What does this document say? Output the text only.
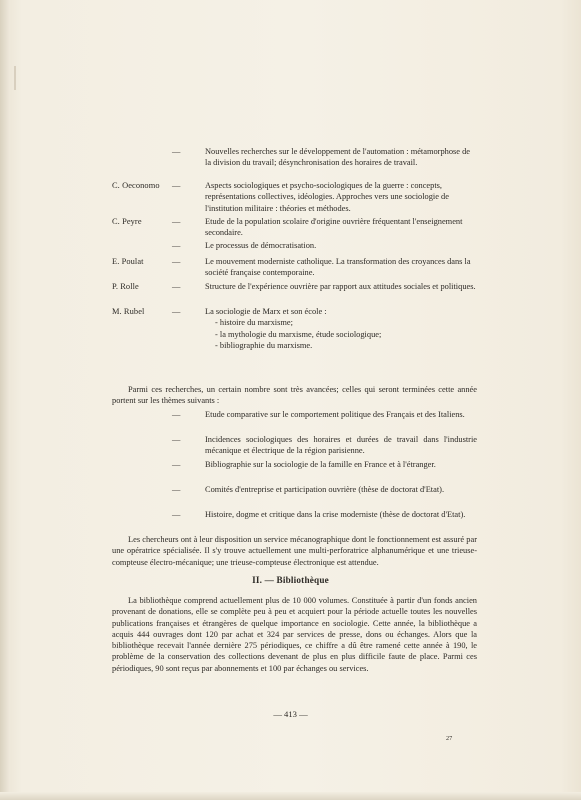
—	Nouvelles recherches sur le développement de l'automation : métamorphose de la division du travail; désynchronisation des horaires de travail.
C. Oeconomo —	Aspects sociologiques et psycho-sociologiques de la guerre : concepts, représentations collectives, idéologies. Approches vers une sociologie de l'institution militaire : théories et méthodes.
C. Peyre	—	Etude de la population scolaire d'origine ouvrière fréquentant l'enseignement secondaire.
—	Le processus de démocratisation.
E. Poulat	—	Le mouvement moderniste catholique. La transformation des croyances dans la société française contemporaine.
P. Rolle	—	Structure de l'expérience ouvrière par rapport aux attitudes sociales et politiques.
M. Rubel	—	La sociologie de Marx et son école :
- histoire du marxisme;
- la mythologie du marxisme, étude sociologique;
- bibliographie du marxisme.
Parmi ces recherches, un certain nombre sont très avancées; celles qui seront terminées cette année portent sur les thèmes suivants :
—	Etude comparative sur le comportement politique des Français et des Italiens.
—	Incidences sociologiques des horaires et durées de travail dans l'industrie mécanique et électrique de la région parisienne.
—	Bibliographie sur la sociologie de la famille en France et à l'étranger.
—	Comités d'entreprise et participation ouvrière (thèse de doctorat d'Etat).
—	Histoire, dogme et critique dans la crise moderniste (thèse de doctorat d'Etat).
Les chercheurs ont à leur disposition un service mécanographique dont le fonctionnement est assuré par une opératrice spécialisée. Il s'y trouve actuellement une multi-perforatrice alphanumérique et une trieuse-compteuse électro-mécanique; une trieuse-compteuse électronique est attendue.
II. — Bibliothèque
La bibliothèque comprend actuellement plus de 10 000 volumes. Constituée à partir d'un fonds ancien provenant de donations, elle se complète peu à peu et acquiert pour la période actuelle toutes les nouvelles publications françaises et étrangères de quelque importance en sociologie. Cette année, la bibliothèque a acquis 444 ouvrages dont 120 par achat et 324 par services de presse, dons ou échanges. Alors que la bibliothèque recevait l'année dernière 275 périodiques, ce chiffre a dû être ramené cette année à 190, le problème de la conservation des collections devenant de plus en plus difficile faute de place. Parmi ces périodiques, 90 sont reçus par abonnements et 100 par échanges ou services.
— 413 —
27
